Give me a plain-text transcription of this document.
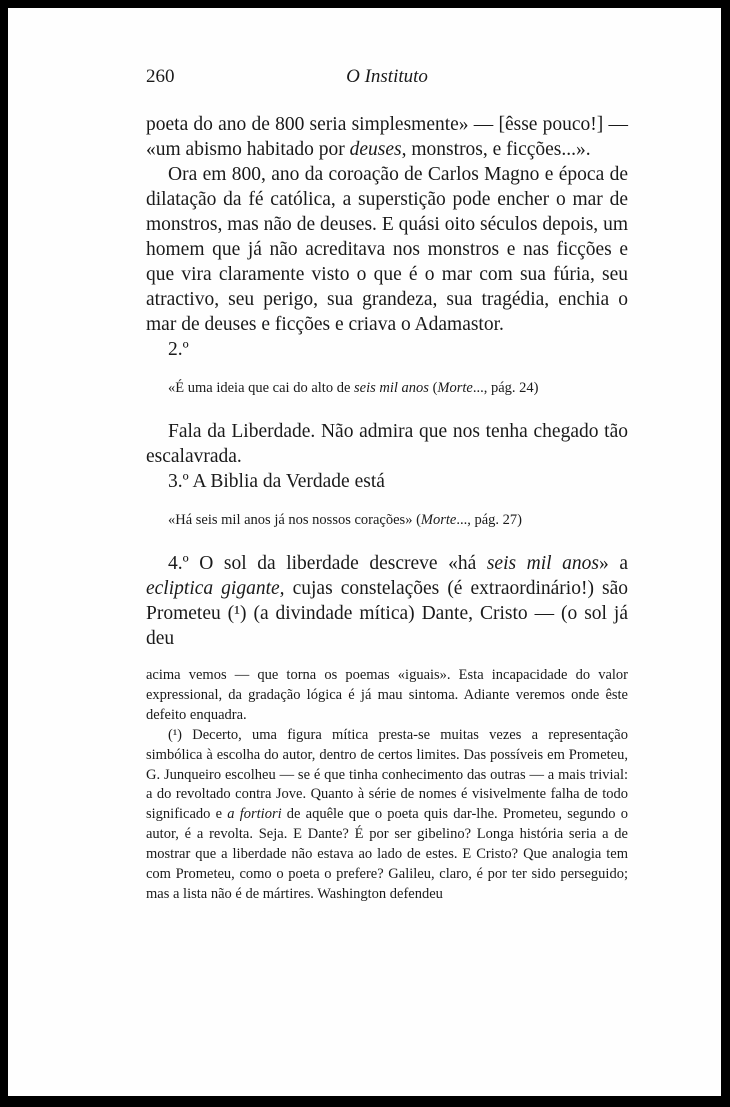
260	O Instituto

poeta do ano de 800 seria simplesmente» — [êsse pouco!] — «um abismo habitado por deuses, monstros, e ficções...».

Ora em 800, ano da coroação de Carlos Magno e época de dilatação da fé católica, a superstição pode encher o mar de monstros, mas não de deuses. E quási oito séculos depois, um homem que já não acreditava nos monstros e nas ficções e que vira claramente visto o que é o mar com sua fúria, seu atractivo, seu perigo, sua grandeza, sua tragédia, enchia o mar de deuses e ficções e criava o Adamastor.

2.º

«É uma ideia que cai do alto de seis mil anos (Morte..., pág. 24)

Fala da Liberdade. Não admira que nos tenha chegado tão escalavrada.

3.º A Biblia da Verdade está

«Há seis mil anos já nos nossos corações» (Morte..., pág. 27)

4.º O sol da liberdade descreve «há seis mil anos» a ecliptica gigante, cujas constelações (é extraordinário!) são Prometeu (¹) (a divindade mítica) Dante, Cristo — (o sol já deu

acima vemos — que torna os poemas «iguais». Esta incapacidade do valor expressional, da gradação lógica é já mau sintoma. Adiante veremos onde êste defeito enquadra.

(¹) Decerto, uma figura mítica presta-se muitas vezes a representação simbólica à escolha do autor, dentro de certos limites. Das possíveis em Prometeu, G. Junqueiro escolheu — se é que tinha conhecimento das outras — a mais trivial: a do revoltado contra Jove. Quanto à série de nomes é visivelmente falha de todo significado e a fortiori de aquêle que o poeta quis dar-lhe. Prometeu, segundo o autor, é a revolta. Seja. E Dante? É por ser gibelino? Longa história seria a de mostrar que a liberdade não estava ao lado de estes. E Cristo? Que analogia tem com Prometeu, como o poeta o prefere? Galileu, claro, é por ter sido perseguido; mas a lista não é de mártires. Washington defendeu
